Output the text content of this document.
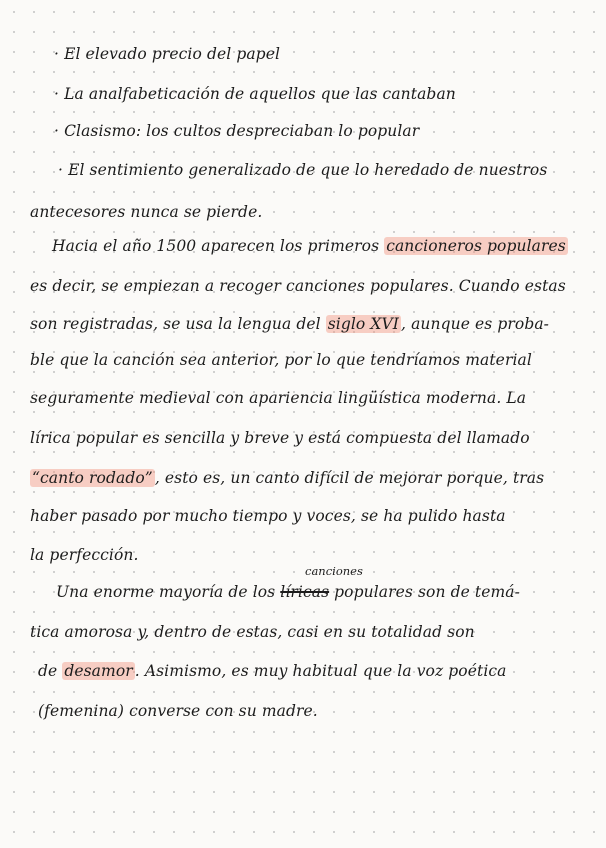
· El elevado precio del papel
· La analfabeticación de aquellos que las cantaban
· Clasismo: los cultos despreciaban lo popular
· El sentimiento generalizado de que lo heredado de nuestros
antecesores nunca se pierde.
Hacia el año 1500 aparecen los primeros cancioneros populares
es decir, se empiezan a recoger canciones populares. Cuando estas
son registradas, se usa la lengua del siglo XVI , aunque es proba-
ble que la canción sea anterior, por lo que tendríamos material
seguramente medieval con apariencia lingüística moderna. La
lírica popular es sencilla y breve y está compuesta del llamado
“canto rodado” , esto es, un canto difícil de mejorar porque, tras
haber pasado por mucho tiempo y voces, se ha pulido hasta
la perfección.
canciones
Una enorme mayoría de los líricas populares son de temá-
tica amorosa y, dentro de estas, casi en su totalidad son
de desamor . Asimismo, es muy habitual que la voz poética
(femenina) converse con su madre.
